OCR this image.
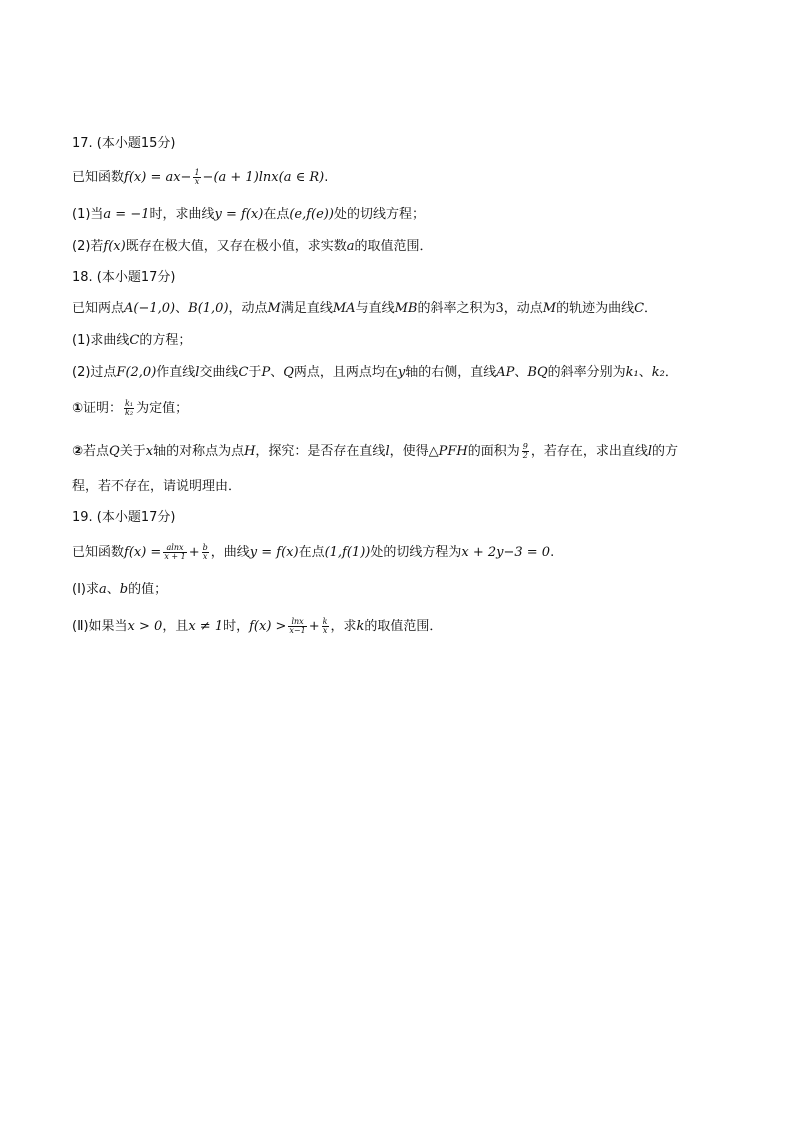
17. (本小题15分)
已知函数$f(x) = ax- \frac{1}{x} -(a + 1)\ln x(a$ ∈ R).
(1)当a = −1时，求曲线y = f(x)在点(e,f(e))处的切线方程；
(2)若f(x)既存在极大值，又存在极小值，求实数a的取值范围．
18. (本小题17分)
已知两点A(−1,0)、B(1,0)，动点M满足直线MA与直线MB的斜率之积为3，动点M的轨迹为曲线C．
(1)求曲线C的方程；
(2)过点F(2,0)作直线l交曲线C于P、Q两点，且两点均在y轴的右侧，直线AP、BQ的斜率分别为k₁、k₂．
①证明： $\frac{\text{k₁}}{\text{k₂}}$ 为定值；
②若点Q关于x轴的对称点为点H，探究：是否存在直线l，使得△PFH的面积为 $\frac{9}{2}$ ，若存在，求出直线l的方
程，若不存在，请说明理由．
19. (本小题17分)
已知函数$f(x) = \frac{alnx}{x + 1} + \frac{b}{x}$ ，曲线y = f(x)在点(1,f(1))处的切线方程为x + 2y−3 = 0.
(Ⅰ)求a、b的值；
(Ⅱ)如果当x > 0，且x ≠ 1时，$f(x) > \frac{\ln x}{x-1} + \frac{k}{x}$ ，求k的取值范围．
